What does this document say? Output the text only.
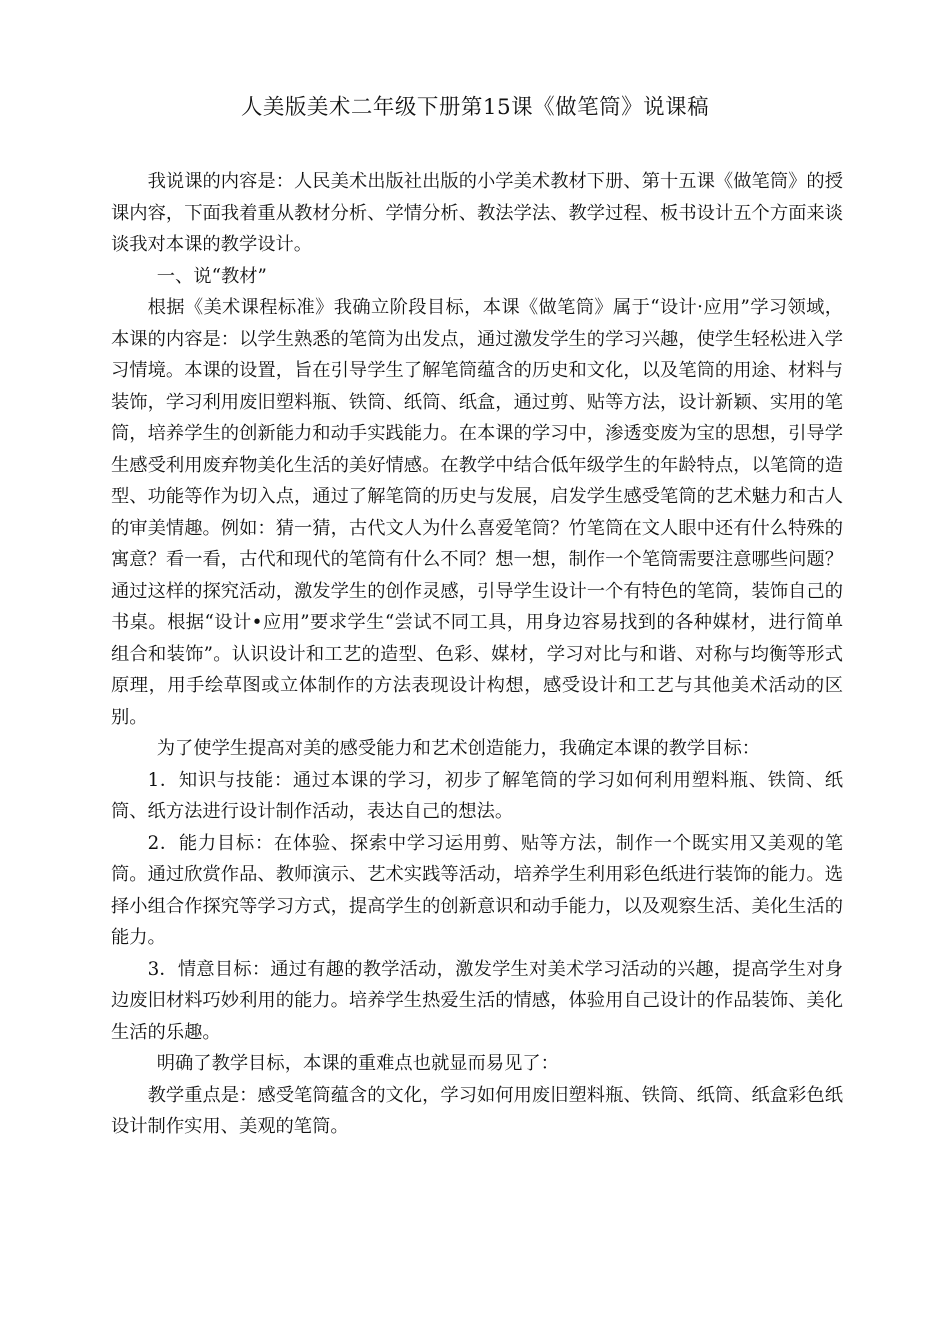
人美版美术二年级下册第15课《做笔筒》说课稿

我说课的内容是：人民美术出版社出版的小学美术教材下册、第十五课《做笔筒》的授课内容，下面我着重从教材分析、学情分析、教法学法、教学过程、板书设计五个方面来谈谈我对本课的教学设计。

一、说“教材”

根据《美术课程标准》我确立阶段目标，本课《做笔筒》属于“设计·应用”学习领域，本课的内容是：以学生熟悉的笔筒为出发点，通过激发学生的学习兴趣，使学生轻松进入学习情境。本课的设置，旨在引导学生了解笔筒蕴含的历史和文化，以及笔筒的用途、材料与装饰，学习利用废旧塑料瓶、铁筒、纸筒、纸盒，通过剪、贴等方法，设计新颖、实用的笔筒，培养学生的创新能力和动手实践能力。在本课的学习中，渗透变废为宝的思想，引导学生感受利用废弃物美化生活的美好情感。在教学中结合低年级学生的年龄特点，以笔筒的造型、功能等作为切入点，通过了解笔筒的历史与发展，启发学生感受笔筒的艺术魅力和古人的审美情趣。例如：猜一猜，古代文人为什么喜爱笔筒？竹笔筒在文人眼中还有什么特殊的寓意？看一看，古代和现代的笔筒有什么不同？想一想，制作一个笔筒需要注意哪些问题？通过这样的探究活动，激发学生的创作灵感，引导学生设计一个有特色的笔筒，装饰自己的书桌。根据“设计•应用”要求学生“尝试不同工具，用身边容易找到的各种媒材，进行简单组合和装饰”。认识设计和工艺的造型、色彩、媒材，学习对比与和谐、对称与均衡等形式原理，用手绘草图或立体制作的方法表现设计构想，感受设计和工艺与其他美术活动的区别。

为了使学生提高对美的感受能力和艺术创造能力，我确定本课的教学目标：

1．知识与技能：通过本课的学习，初步了解笔筒的学习如何利用塑料瓶、铁筒、纸筒、纸方法进行设计制作活动，表达自己的想法。

2．能力目标：在体验、探索中学习运用剪、贴等方法，制作一个既实用又美观的笔筒。通过欣赏作品、教师演示、艺术实践等活动，培养学生利用彩色纸进行装饰的能力。选择小组合作探究等学习方式，提高学生的创新意识和动手能力，以及观察生活、美化生活的能力。

3．情意目标：通过有趣的教学活动，激发学生对美术学习活动的兴趣，提高学生对身边废旧材料巧妙利用的能力。培养学生热爱生活的情感，体验用自己设计的作品装饰、美化生活的乐趣。

明确了教学目标，本课的重难点也就显而易见了：

教学重点是：感受笔筒蕴含的文化，学习如何用废旧塑料瓶、铁筒、纸筒、纸盒彩色纸设计制作实用、美观的笔筒。
